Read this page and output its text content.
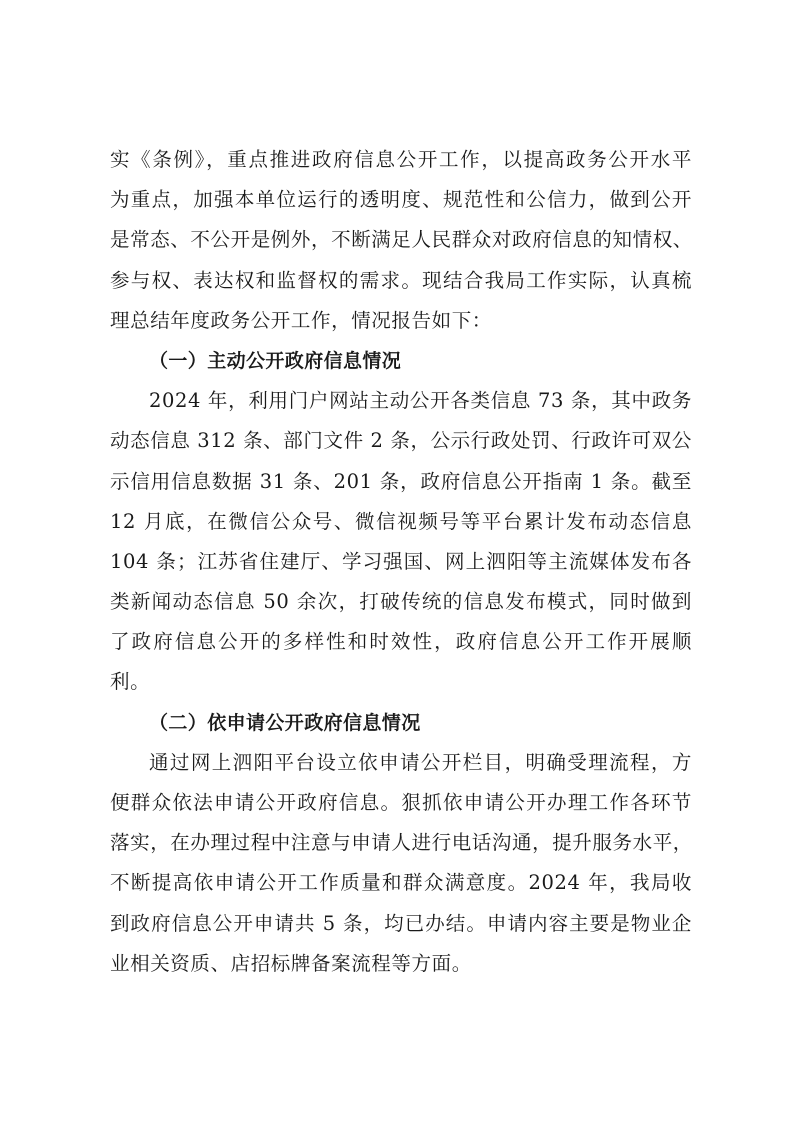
实《条例》，重点推进政府信息公开工作，以提高政务公开水平
为重点，加强本单位运行的透明度、规范性和公信力，做到公开
是常态、不公开是例外，不断满足人民群众对政府信息的知情权、
参与权、表达权和监督权的需求。现结合我局工作实际，认真梳
理总结年度政务公开工作，情况报告如下：
（一）主动公开政府信息情况
2024 年，利用门户网站主动公开各类信息 73 条，其中政务
动态信息 312 条、部门文件 2 条，公示行政处罚、行政许可双公
示信用信息数据 31 条、201 条，政府信息公开指南 1 条。截至
12 月底，在微信公众号、微信视频号等平台累计发布动态信息
104 条；江苏省住建厅、学习强国、网上泗阳等主流媒体发布各
类新闻动态信息 50 余次，打破传统的信息发布模式，同时做到
了政府信息公开的多样性和时效性，政府信息公开工作开展顺
利。
（二）依申请公开政府信息情况
通过网上泗阳平台设立依申请公开栏目，明确受理流程，方
便群众依法申请公开政府信息。狠抓依申请公开办理工作各环节
落实，在办理过程中注意与申请人进行电话沟通，提升服务水平，
不断提高依申请公开工作质量和群众满意度。2024 年，我局收
到政府信息公开申请共 5 条，均已办结。申请内容主要是物业企
业相关资质、店招标牌备案流程等方面。
